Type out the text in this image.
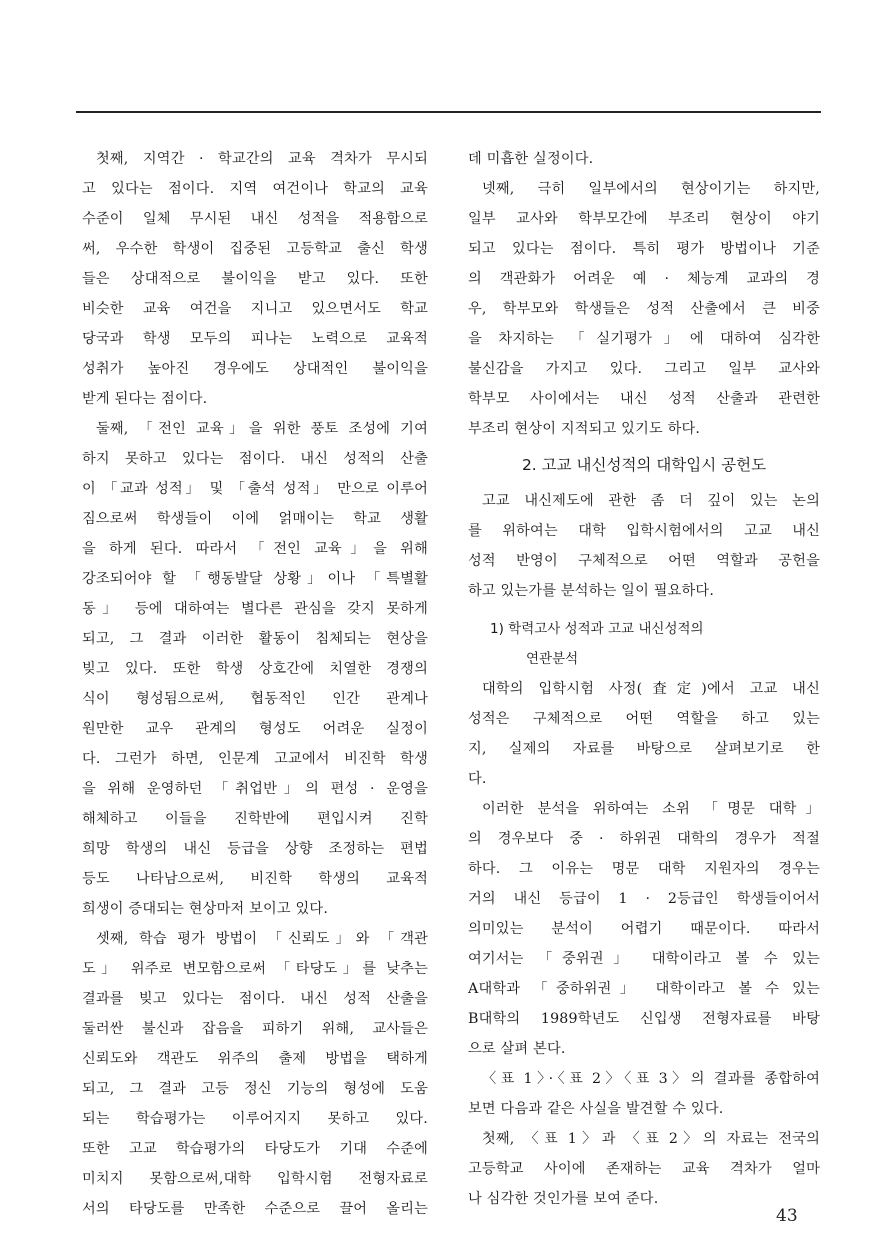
첫째, 지역간 · 학교간의 교육 격차가 무시되
고 있다는 점이다. 지역 여건이나 학교의 교육
수준이 일체 무시된 내신 성적을 적용함으로
써, 우수한 학생이 집중된 고등학교 출신 학생
들은 상대적으로 불이익을 받고 있다. 또한
비슷한 교육 여건을 지니고 있으면서도 학교
당국과 학생 모두의 피나는 노력으로 교육적
성취가 높아진 경우에도 상대적인 불이익을
받게 된다는 점이다.
둘째, 「전인 교육」을 위한 풍토 조성에 기여
하지 못하고 있다는 점이다. 내신 성적의 산출
이 「교과 성적」 및 「출석 성적」 만으로 이루어
짐으로써 학생들이 이에 얽매이는 학교 생활
을 하게 된다. 따라서 「전인 교육」을 위해
강조되어야 할 「행동발달 상황」이나 「특별활
동」 등에 대하여는 별다른 관심을 갖지 못하게
되고, 그 결과 이러한 활동이 침체되는 현상을
빚고 있다. 또한 학생 상호간에 치열한 경쟁의
식이 형성됨으로써, 협동적인 인간 관계나
원만한 교우 관계의 형성도 어려운 실정이
다. 그런가 하면, 인문계 고교에서 비진학 학생
을 위해 운영하던 「취업반」의 편성 · 운영을
해체하고 이들을 진학반에 편입시켜 진학
희망 학생의 내신 등급을 상향 조정하는 편법
등도 나타남으로써, 비진학 학생의 교육적
희생이 증대되는 현상마저 보이고 있다.
셋째, 학습 평가 방법이 「신뢰도」와 「객관
도」 위주로 변모함으로써 「타당도」를 낮추는
결과를 빚고 있다는 점이다. 내신 성적 산출을
둘러싼 불신과 잡음을 피하기 위해, 교사들은
신뢰도와 객관도 위주의 출제 방법을 택하게
되고, 그 결과 고등 정신 기능의 형성에 도움
되는 학습평가는 이루어지지 못하고 있다.
또한 고교 학습평가의 타당도가 기대 수준에
미치지 못함으로써,대학 입학시험 전형자료로
서의 타당도를 만족한 수준으로 끌어 올리는
데 미흡한 실정이다.
넷째, 극히 일부에서의 현상이기는 하지만,
일부 교사와 학부모간에 부조리 현상이 야기
되고 있다는 점이다. 특히 평가 방법이나 기준
의 객관화가 어려운 예 · 체능계 교과의 경
우, 학부모와 학생들은 성적 산출에서 큰 비중
을 차지하는 「실기평가」에 대하여 심각한
불신감을 가지고 있다. 그리고 일부 교사와
학부모 사이에서는 내신 성적 산출과 관련한
부조리 현상이 지적되고 있기도 하다.
2. 고교 내신성적의 대학입시 공헌도
고교 내신제도에 관한 좀 더 깊이 있는 논의
를 위하여는 대학 입학시험에서의 고교 내신
성적 반영이 구체적으로 어떤 역할과 공헌을
하고 있는가를 분석하는 일이 필요하다.
1) 학력고사 성적과 고교 내신성적의
연관분석
대학의 입학시험 사정(査定)에서 고교 내신
성적은 구체적으로 어떤 역할을 하고 있는
지, 실제의 자료를 바탕으로 살펴보기로 한
다.
이러한 분석을 위하여는 소위 「명문 대학」
의 경우보다 중 · 하위권 대학의 경우가 적절
하다. 그 이유는 명문 대학 지원자의 경우는
거의 내신 등급이 1 · 2등급인 학생들이어서
의미있는 분석이 어렵기 때문이다. 따라서
여기서는 「중위권」 대학이라고 볼 수 있는
A대학과 「중하위권」 대학이라고 볼 수 있는
B대학의 1989학년도 신입생 전형자료를 바탕
으로 살펴 본다.
〈표 1〉·〈표 2〉〈표 3〉의 결과를 종합하여
보면 다음과 같은 사실을 발견할 수 있다.
첫째, 〈표 1〉과 〈표 2〉의 자료는 전국의
고등학교 사이에 존재하는 교육 격차가 얼마
나 심각한 것인가를 보여 준다.
43
